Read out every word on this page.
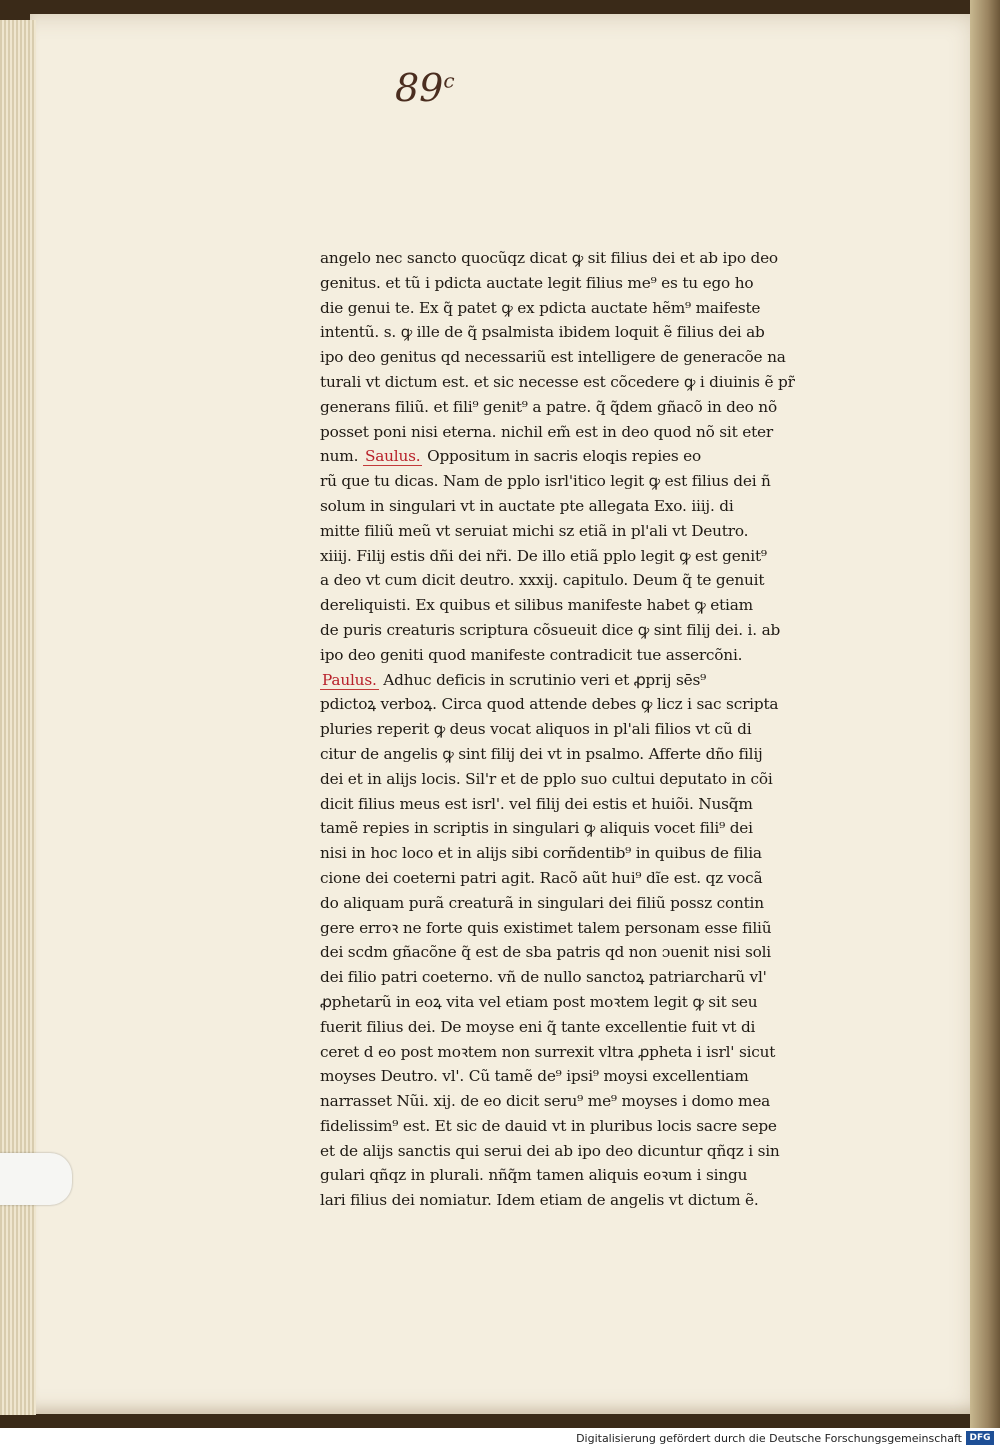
89$^c$
angelo nec sancto quocũqz dicat ꝙ sit filius dei et ab ipo deo
genitus. et tũ i pdicta auctate legit filius me⁹ es tu ego ho
die genui te. Ex q̃ patet ꝙ ex pdicta auctate hẽm⁹ maifeste
intentũ. s. ꝙ ille de q̃ psalmista ibidem loquit ẽ filius dei ab
ipo deo genitus qd necessariũ est intelligere de generacõe na
turali vt dictum est. et sic necesse est cõcedere ꝙ i diuinis ẽ pr̃
generans filiũ. et fili⁹ genit⁹ a patre. q̃ q̃dem gñacõ in deo nõ
posset poni nisi eterna. nichil em̃ est in deo quod nõ sit eter
num. Saulus. Oppositum in sacris eloqis repies eo
rũ que tu dicas. Nam de pplo isrl'itico legit ꝙ est filius dei ñ
solum in singulari vt in auctate pte allegata Exo. iiij. di
mitte filiũ meũ vt seruiat michi sz etiã in pl'ali vt Deutro.
xiiij. Filij estis dñi dei nr̃i. De illo etiã pplo legit ꝙ est genit⁹
a deo vt cum dicit deutro. xxxij. capitulo. Deum q̃ te genuit
dereliquisti. Ex quibus et silibus manifeste habet ꝙ etiam
de puris creaturis scriptura cõsueuit dice ꝙ sint filij dei. i. ab
ipo deo geniti quod manifeste contradicit tue assercõni.
Paulus. Adhuc deficis in scrutinio veri et ꝓprij sēs⁹
pdictoꝝ verboꝝ. Circa quod attende debes ꝙ licz i sac scripta
pluries reperit ꝙ deus vocat aliquos in pl'ali filios vt cũ di
citur de angelis ꝙ sint filij dei vt in psalmo. Afferte dño filij
dei et in alijs locis. Sil'r et de pplo suo cultui deputato in cõi
dicit filius meus est isrl'. vel filij dei estis et huiõi. Nusq̃m
tamẽ repies in scriptis in singulari ꝙ aliquis vocet fili⁹ dei
nisi in hoc loco et in alijs sibi corñdentib⁹ in quibus de filia
cione dei coeterni patri agit. Racõ aũt hui⁹ dĩe est. qz vocã
do aliquam purã creaturã in singulari dei filiũ possz contin
gere erroꝛ ne forte quis existimet talem personam esse filiũ
dei scdm gñacõne q̃ est de sba patris qd non ɔuenit nisi soli
dei filio patri coeterno. vñ de nullo sanctoꝝ patriarcharũ vl'
ꝓphetarũ in eoꝝ vita vel etiam post moꝛtem legit ꝙ sit seu
fuerit filius dei. De moyse eni q̃ tante excellentie fuit vt di
ceret d eo post moꝛtem non surrexit vltra ꝓpheta i isrl' sicut
moyses Deutro. vl'. Cũ tamẽ de⁹ ipsi⁹ moysi excellentiam
narrasset Nũi. xij. de eo dicit seru⁹ me⁹ moyses i domo mea
fidelissim⁹ est. Et sic de dauid vt in pluribus locis sacre sepe
et de alijs sanctis qui serui dei ab ipo deo dicuntur qñqz i sin
gulari qñqz in plurali. nñq̃m tamen aliquis eoꝛum i singu
lari filius dei nomiatur. Idem etiam de angelis vt dictum ẽ.
Digitalisierung gefördert durch die Deutsche Forschungsgemeinschaft DFG
